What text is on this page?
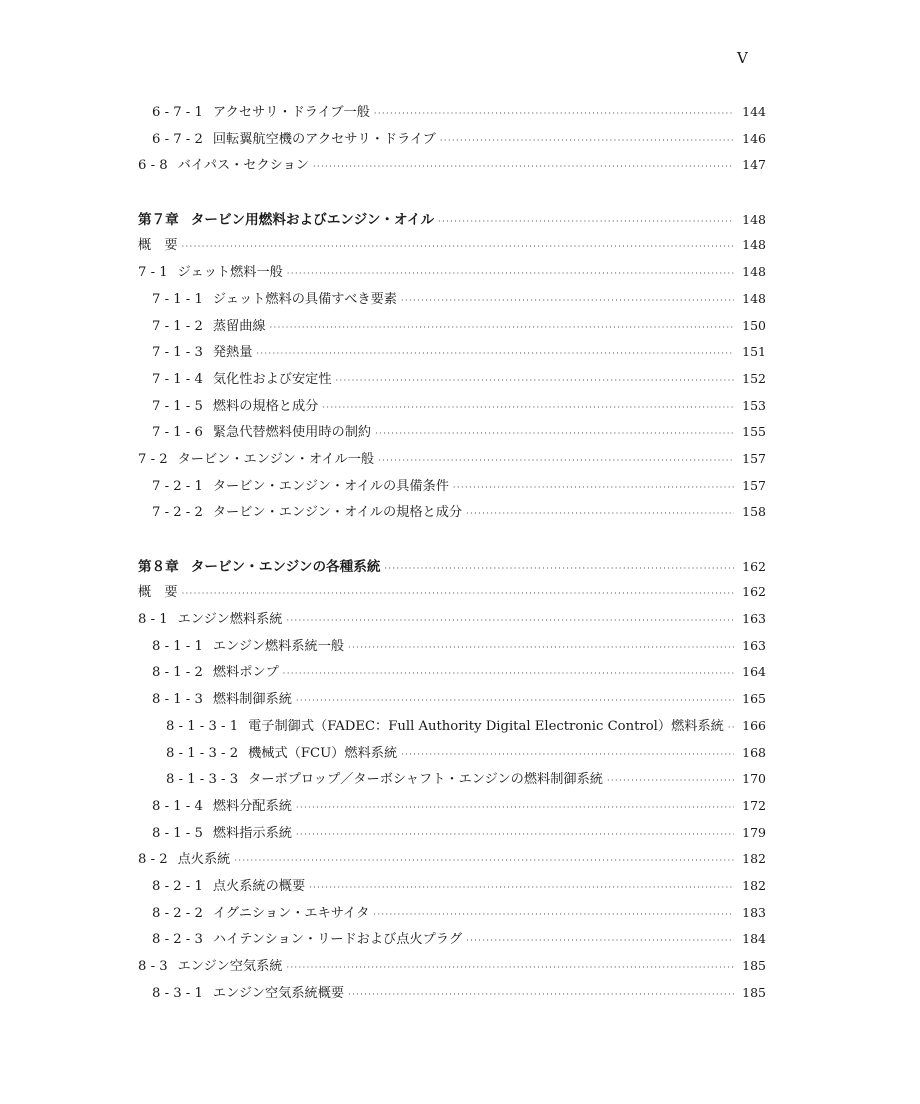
V
6 - 7 - 1 アクセサリ・ドライブ一般 ·····	144
6 - 7 - 2 回転翼航空機のアクセサリ・ドライブ ·····	146
6 - 8 バイパス・セクション ·····	147
第７章 タービン用燃料およびエンジン・オイル ·····	148
概　要 ·····	148
7 - 1 ジェット燃料一般 ·····	148
7 - 1 - 1 ジェット燃料の具備すべき要素 ·····	148
7 - 1 - 2 蒸留曲線 ·····	150
7 - 1 - 3 発熱量 ·····	151
7 - 1 - 4 気化性および安定性 ·····	152
7 - 1 - 5 燃料の規格と成分 ·····	153
7 - 1 - 6 緊急代替燃料使用時の制約 ·····	155
7 - 2 タービン・エンジン・オイル一般 ·····	157
7 - 2 - 1 タービン・エンジン・オイルの具備条件 ·····	157
7 - 2 - 2 タービン・エンジン・オイルの規格と成分 ·····	158
第８章 タービン・エンジンの各種系統 ·····	162
概　要 ·····	162
8 - 1 エンジン燃料系統 ·····	163
8 - 1 - 1 エンジン燃料系統一般 ·····	163
8 - 1 - 2 燃料ポンプ ·····	164
8 - 1 - 3 燃料制御系統 ·····	165
8 - 1 - 3 - 1 電子制御式（FADEC：Full Authority Digital Electronic Control）燃料系統 ·····	166
8 - 1 - 3 - 2 機械式（FCU）燃料系統 ·····	168
8 - 1 - 3 - 3 ターボプロップ／ターボシャフト・エンジンの燃料制御系統 ·····	170
8 - 1 - 4 燃料分配系統 ·····	172
8 - 1 - 5 燃料指示系統 ·····	179
8 - 2 点火系統 ·····	182
8 - 2 - 1 点火系統の概要 ·····	182
8 - 2 - 2 イグニション・エキサイタ ·····	183
8 - 2 - 3 ハイテンション・リードおよび点火プラグ ·····	184
8 - 3 エンジン空気系統 ·····	185
8 - 3 - 1 エンジン空気系統概要 ·····	185
